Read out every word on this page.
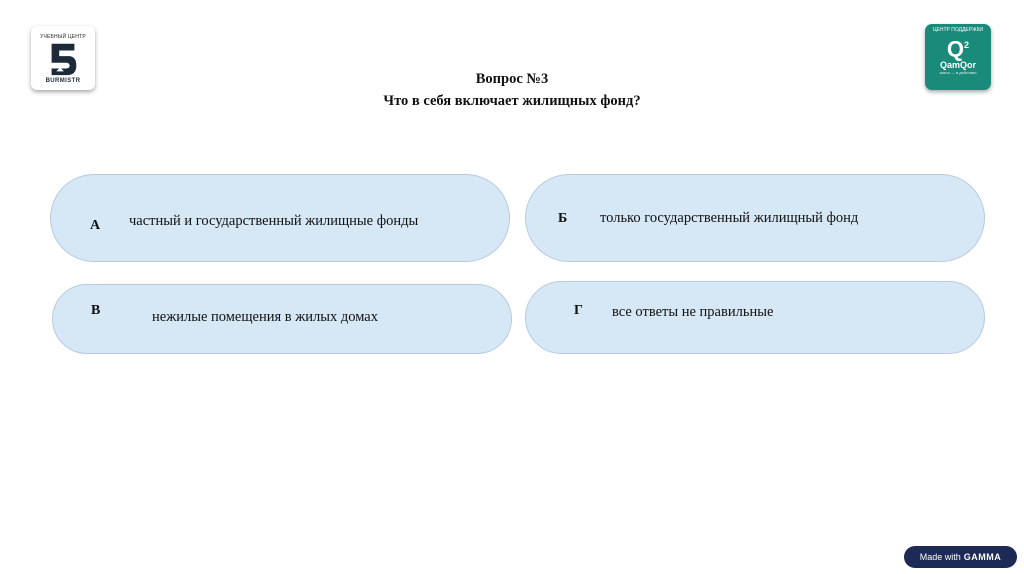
УЧЕБНЫЙ ЦЕНТР
BURMISTR
ЦЕНТР ПОДДЕРЖКИ
$Q^2$
QamQor
закон — в действии
Вопрос №3
Что в себя включает жилищных фонд?
А частный и государственный жилищные фонды	Б только государственный жилищный фонд
В	нежилые помещения в жилых домах	Г все ответы не правильные
Made with GAMMA
